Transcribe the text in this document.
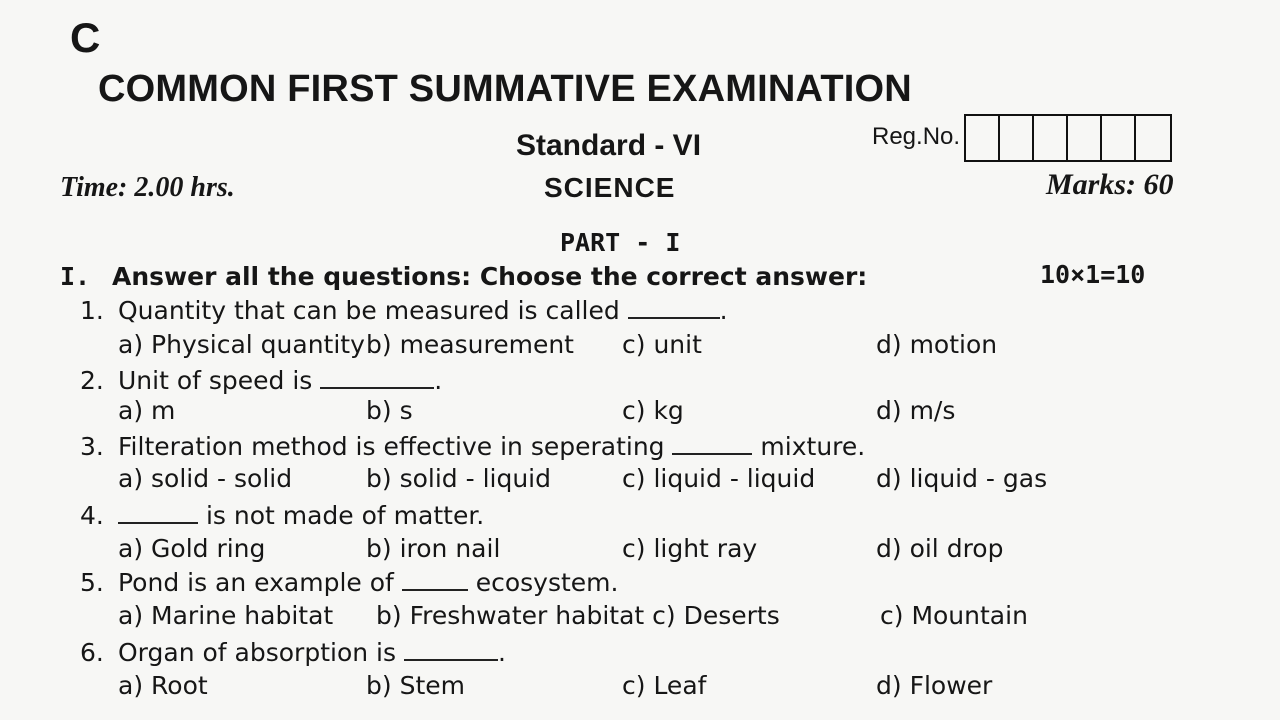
C
COMMON FIRST SUMMATIVE EXAMINATION
Standard - VI	Reg.No.
Time: 2.00 hrs.	SCIENCE	Marks: 60
PART - I
I. Answer all the questions: Choose the correct answer:	10×1=10
1. Quantity that can be measured is called	.
a) Physical quantity b) measurement c) unit	d) motion
2. Unit of speed is	.
a) m	b) s	c) kg	d) m/s
3. Filteration method is effective in seperating	mixture.
a) solid - solid	b) solid - liquid	c) liquid - liquid d) liquid - gas
4.	is not made of matter.
a) Gold ring	b) iron nail	c) light ray	d) oil drop
5. Pond is an example of	ecosystem.
a) Marine habitat b) Freshwater habitat c) Deserts	c) Mountain
6. Organ of absorption is	.
a) Root	b) Stem	c) Leaf	d) Flower
